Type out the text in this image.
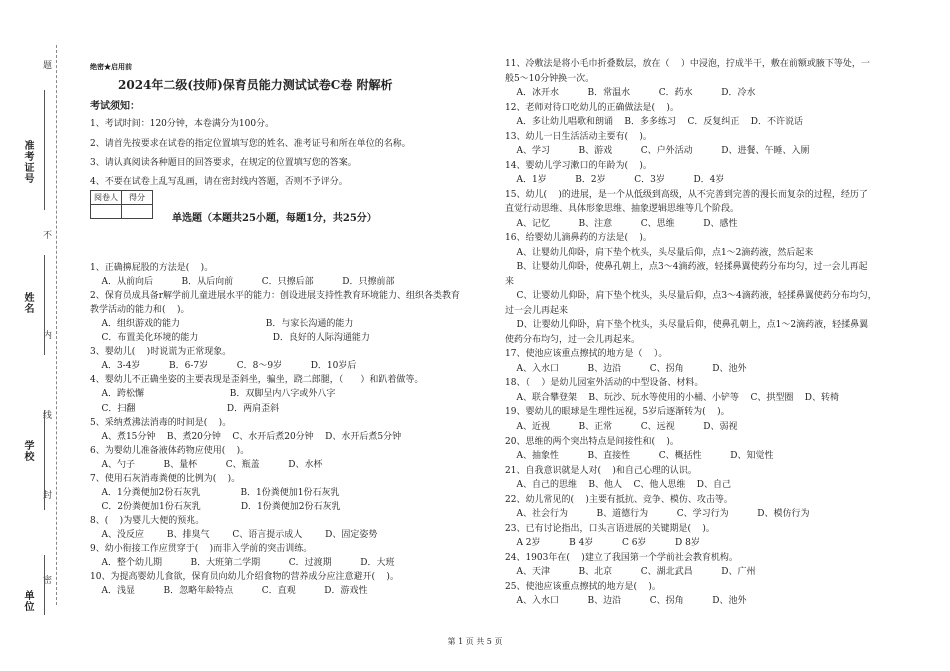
题
不
内
线
封
密
准考证号
姓名
学校
单位
绝密★启用前
2024年二级(技师)保育员能力测试试卷C卷 附解析
考试须知：
1、考试时间：120分钟，本卷满分为100分。
2、请首先按要求在试卷的指定位置填写您的姓名、准考证号和所在单位的名称。
3、请认真阅读各种题目的回答要求，在规定的位置填写您的答案。
4、不要在试卷上乱写乱画，请在密封线内答题，否则不予评分。
阅卷人	得分

单选题（本题共25小题，每题1分，共25分）
1、正确擤屁股的方法是(    )。
A．从前向后          B．从后向前          C．只擦后部          D．只擦前部
2、保育员成具备r解学前儿童进展水平的能力：创设进展支持性教育环境能力、组织各类教育
教学活动的能力和(    )。
A．组织游戏的能力                              B．与家长沟通的能力
C．布置美化环境的能力                          D．良好的人际沟通能力
3、婴幼儿(    )时说谎为正常现象。
A．3-4岁          B．6-7岁          C．8～9岁          D．10岁后
4、婴幼儿不正确坐姿的主要表现是歪斜坐，骗坐，跷二郎腿，（      ）和趴着做等。
A．跨松懈                              B．双脚呈内八字或外八字
C．扫翻                                D．两肩歪斜
5、采纳煮沸法消毒的时间是(    )。
A、煮15分钟    B、煮20分钟    C、水开后煮20分钟    D、水开后煮5分钟
6、为婴幼儿准备液体药物应使用(    )。
A、勺子          B、量杯          C、瓶盖          D、水杯
7、使用石灰消毒粪便的比例为(    )。
A．1分粪便加2份石灰乳              B．1份粪便加1份石灰乳
C．2份粪便加1份石灰乳              D．1份粪便加2份石灰乳
8、(    )为婴儿大便的预兆。
A、没反应        B、排臭气        C、语言提示成人        D、固定姿势
9、幼小衔接工作应贯穿于(    )而非入学前的突击训练。
A．整个幼儿期          B．大班第二学期          C．过渡期          D．大班
10、为提高婴幼儿食欲，保育员向幼儿介绍食物的营养成分应注意避开(    )。
A．浅显          B．忽略年龄特点          C．直观          D．游戏性
11、冷敷法是将小毛巾折叠数层，放在（    ）中浸泡，拧成半干，敷在前额或腋下等处，一
般5～10分钟换一次。
A．冰开水          B．常温水          C．药水          D．冷水
12、老师对待口吃幼儿的正确做法是(    )。
A．多让幼儿唱歌和朗诵    B．多多练习    C．反复纠正    D．不许说话
13、幼儿一日生活活动主要有(    )。
A、学习          B、游戏          C、户外活动          D、进餐、午睡、入厕
14、婴幼儿学习漱口的年龄为(    )。
A．1岁          B．2岁          C．3岁          D．4岁
15、幼儿(    )的进展，是一个从低级到高级，从不完善到完善的漫长而复杂的过程，经历了
直觉行动思维、具体形象思维、抽象逻辑思维等几个阶段。
A、记忆          B、注意          C、思维          D、感性
16、给婴幼儿滴鼻药的方法是(    )。
A、让婴幼儿仰卧，肩下垫个枕头，头尽量后仰，点1～2滴药液，然后起来
B、让婴幼儿仰卧，使鼻孔朝上，点3～4滴药液，轻揉鼻翼使药分布均匀，过一会儿再起
来
C、让婴幼儿仰卧，肩下垫个枕头，头尽量后仰，点3～4滴药液，轻揉鼻翼使药分布均匀，
过一会儿再起来
D、让婴幼儿仰卧，肩下垫个枕头，头尽量后仰，使鼻孔朝上，点1～2滴药液，轻揉鼻翼
使药分布均匀，过一会儿再起来。
17、使池应该重点擦拭的地方是（    ）。
A、入水口          B、边沿          C、拐角          D、池外
18、（    ）是幼儿园室外活动的中型设备、材料。
A、联合攀登架    B、玩沙、玩水等使用的小桶、小铲等    C、拱型圈    D、转椅
19、婴幼儿的眼球是生理性远视，5岁后逐渐转为(    )。
A、近视          B、正常          C、远视          D、弱视
20、思维的两个突出特点是间接性和(    )。
A、抽象性          B、直接性          C、概括性          D、知觉性
21、自我意识就是人对(    )和自己心理的认识。
A、自己的思维    B、他人    C、他人思维    D、自己
22、幼儿常见的(    )主要有抵抗、竞争、模仿、攻击等。
A、社会行为          B、道德行为          C、学习行为          D、模仿行为
23、已有讨论指出，口头言语进展的关键期是(    )。
A 2岁          B 4岁          C 6岁          D 8岁
24、1903年在(    )建立了我国第一个学前社会教育机构。
A、天津          B、北京          C、湖北武昌          D、广州
25、使池应该重点擦拭的地方是(    )。
A、入水口          B、边沿          C、拐角          D、池外
第 1 页 共 5 页
